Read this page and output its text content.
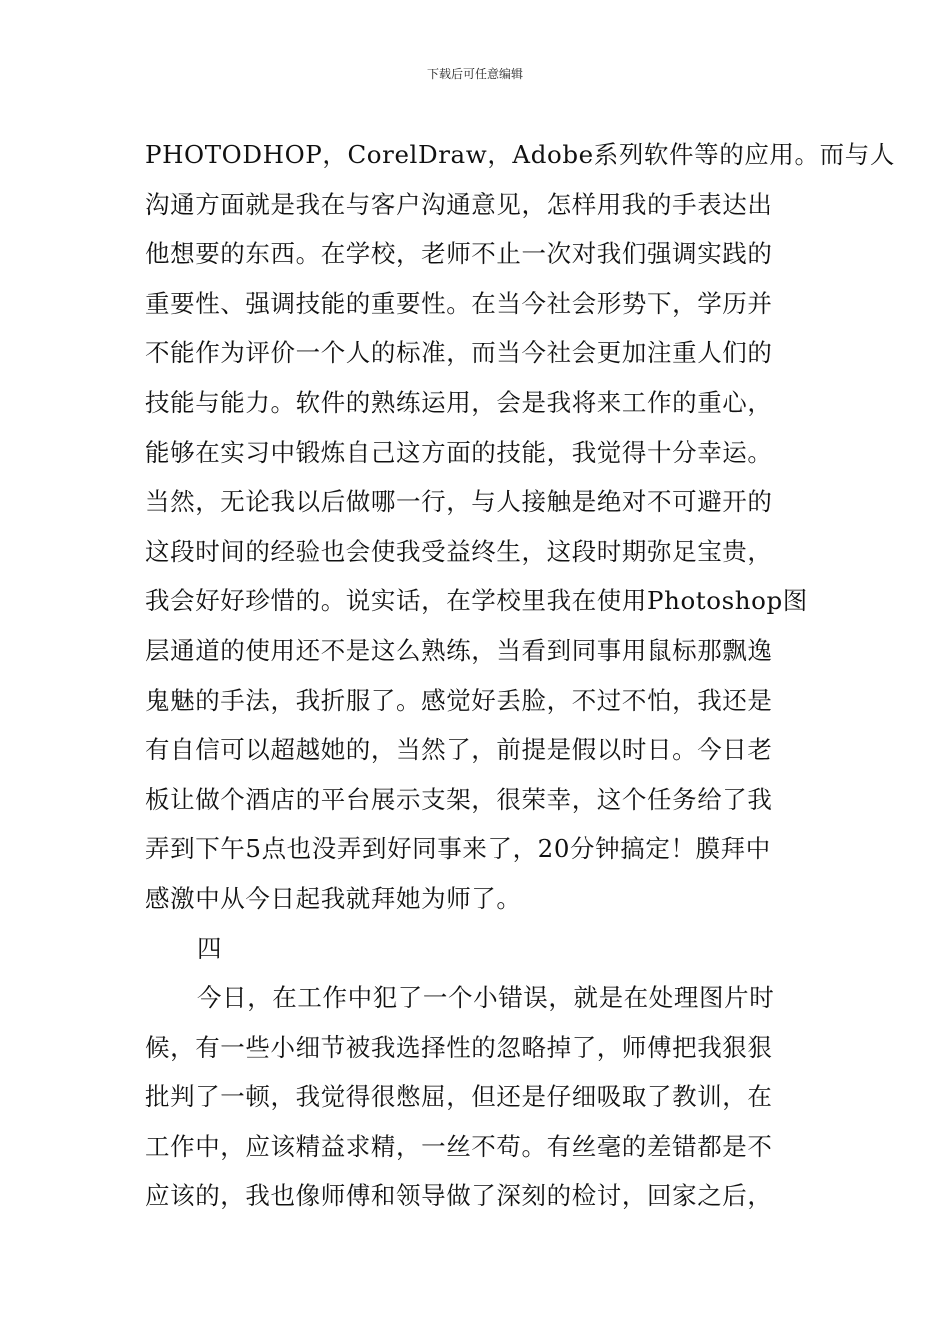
下载后可任意编辑
PHOTODHOP，CorelDraw，Adobe系列软件等的应用。而与人
沟通方面就是我在与客户沟通意见，怎样用我的手表达出
他想要的东西。在学校，老师不止一次对我们强调实践的
重要性、强调技能的重要性。在当今社会形势下，学历并
不能作为评价一个人的标准，而当今社会更加注重人们的
技能与能力。软件的熟练运用，会是我将来工作的重心，
能够在实习中锻炼自己这方面的技能，我觉得十分幸运。
当然，无论我以后做哪一行，与人接触是绝对不可避开的
这段时间的经验也会使我受益终生，这段时期弥足宝贵，
我会好好珍惜的。说实话，在学校里我在使用Photoshop图
层通道的使用还不是这么熟练，当看到同事用鼠标那飘逸
鬼魅的手法，我折服了。感觉好丢脸，不过不怕，我还是
有自信可以超越她的，当然了，前提是假以时日。今日老
板让做个酒店的平台展示支架，很荣幸，这个任务给了我
弄到下午5点也没弄到好同事来了，20分钟搞定！膜拜中
感激中从今日起我就拜她为师了。
四
今日，在工作中犯了一个小错误，就是在处理图片时
候，有一些小细节被我选择性的忽略掉了，师傅把我狠狠
批判了一顿，我觉得很憋屈，但还是仔细吸取了教训，在
工作中，应该精益求精，一丝不苟。有丝毫的差错都是不
应该的，我也像师傅和领导做了深刻的检讨，回家之后，
